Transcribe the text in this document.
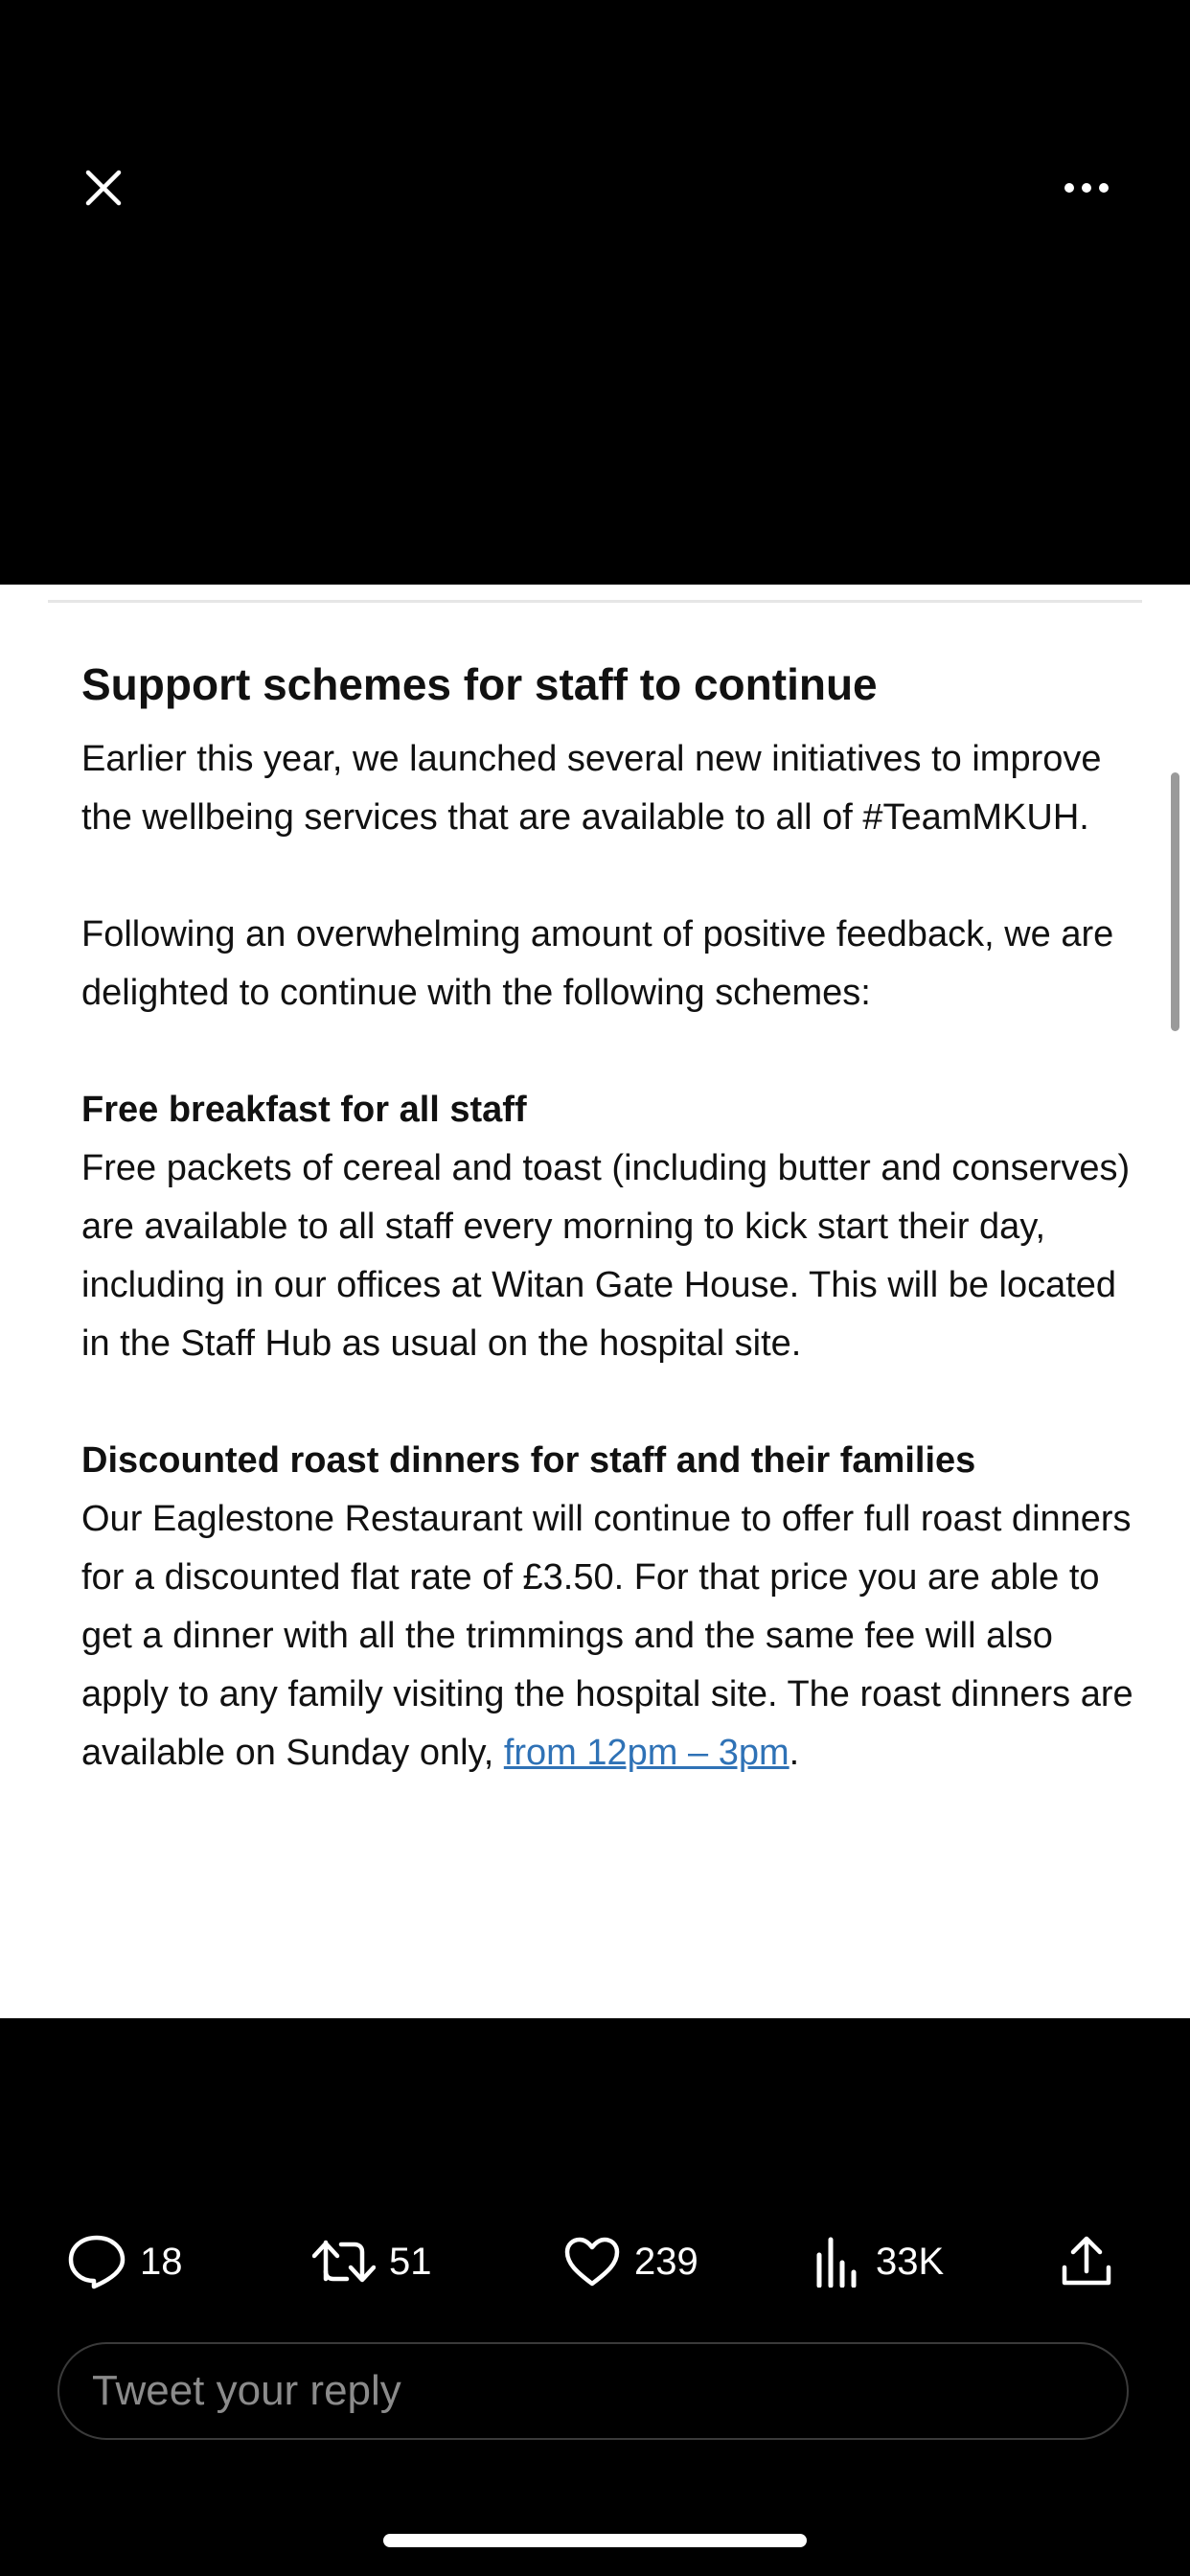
Support schemes for staff to continue

Earlier this year, we launched several new initiatives to improve the wellbeing services that are available to all of #TeamMKUH.

Following an overwhelming amount of positive feedback, we are delighted to continue with the following schemes:

Free breakfast for all staff
Free packets of cereal and toast (including butter and conserves) are available to all staff every morning to kick start their day, including in our offices at Witan Gate House. This will be located in the Staff Hub as usual on the hospital site.

Discounted roast dinners for staff and their families
Our Eaglestone Restaurant will continue to offer full roast dinners for a discounted flat rate of £3.50. For that price you are able to get a dinner with all the trimmings and the same fee will also apply to any family visiting the hospital site. The roast dinners are available on Sunday only, from 12pm – 3pm.

18	51	239	33K
Tweet your reply
